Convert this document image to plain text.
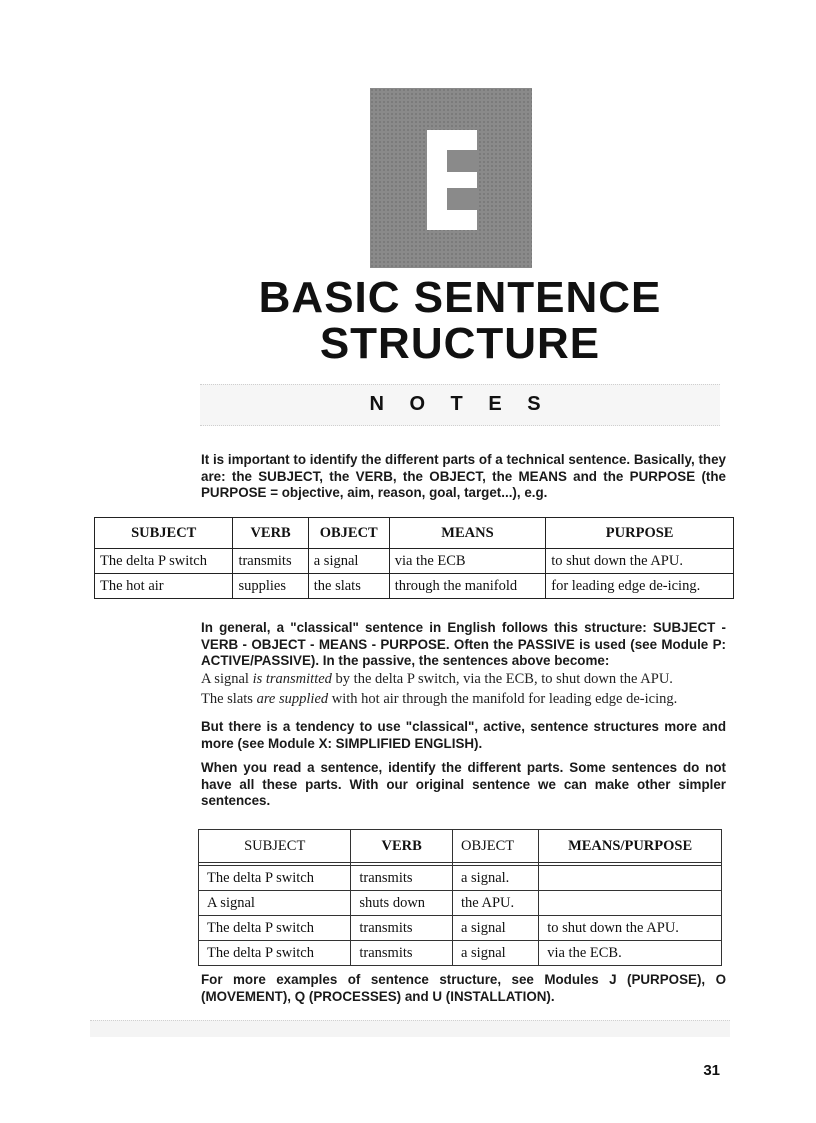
BASIC SENTENCE
STRUCTURE
N O T E S

It is important to identify the different parts of a technical sentence. Basically, they are: the SUBJECT, the VERB, the OBJECT, the MEANS and the PURPOSE (the PURPOSE = objective, aim, reason, goal, target...), e.g.

SUBJECT	VERB	OBJECT	MEANS	PURPOSE
The delta P switch	transmits	a signal	via the ECB	to shut down the APU.
The hot air	supplies	the slats	through the manifold	for leading edge de-icing.

In general, a "classical" sentence in English follows this structure: SUBJECT - VERB - OBJECT - MEANS - PURPOSE. Often the PASSIVE is used (see Module P: ACTIVE/PASSIVE). In the passive, the sentences above become:

A signal is transmitted by the delta P switch, via the ECB, to shut down the APU.

The slats are supplied with hot air through the manifold for leading edge de-icing.

But there is a tendency to use "classical", active, sentence structures more and more (see Module X: SIMPLIFIED ENGLISH).

When you read a sentence, identify the different parts. Some sentences do not have all these parts. With our original sentence we can make other simpler sentences.

SUBJECT	VERB	OBJECT	MEANS/PURPOSE

The delta P switch	transmits	a signal.	
A signal	shuts down	the APU.	
The delta P switch	transmits	a signal	to shut down the APU.
The delta P switch	transmits	a signal	via the ECB.

For more examples of sentence structure, see Modules J (PURPOSE), O (MOVEMENT), Q (PROCESSES) and U (INSTALLATION).

31
